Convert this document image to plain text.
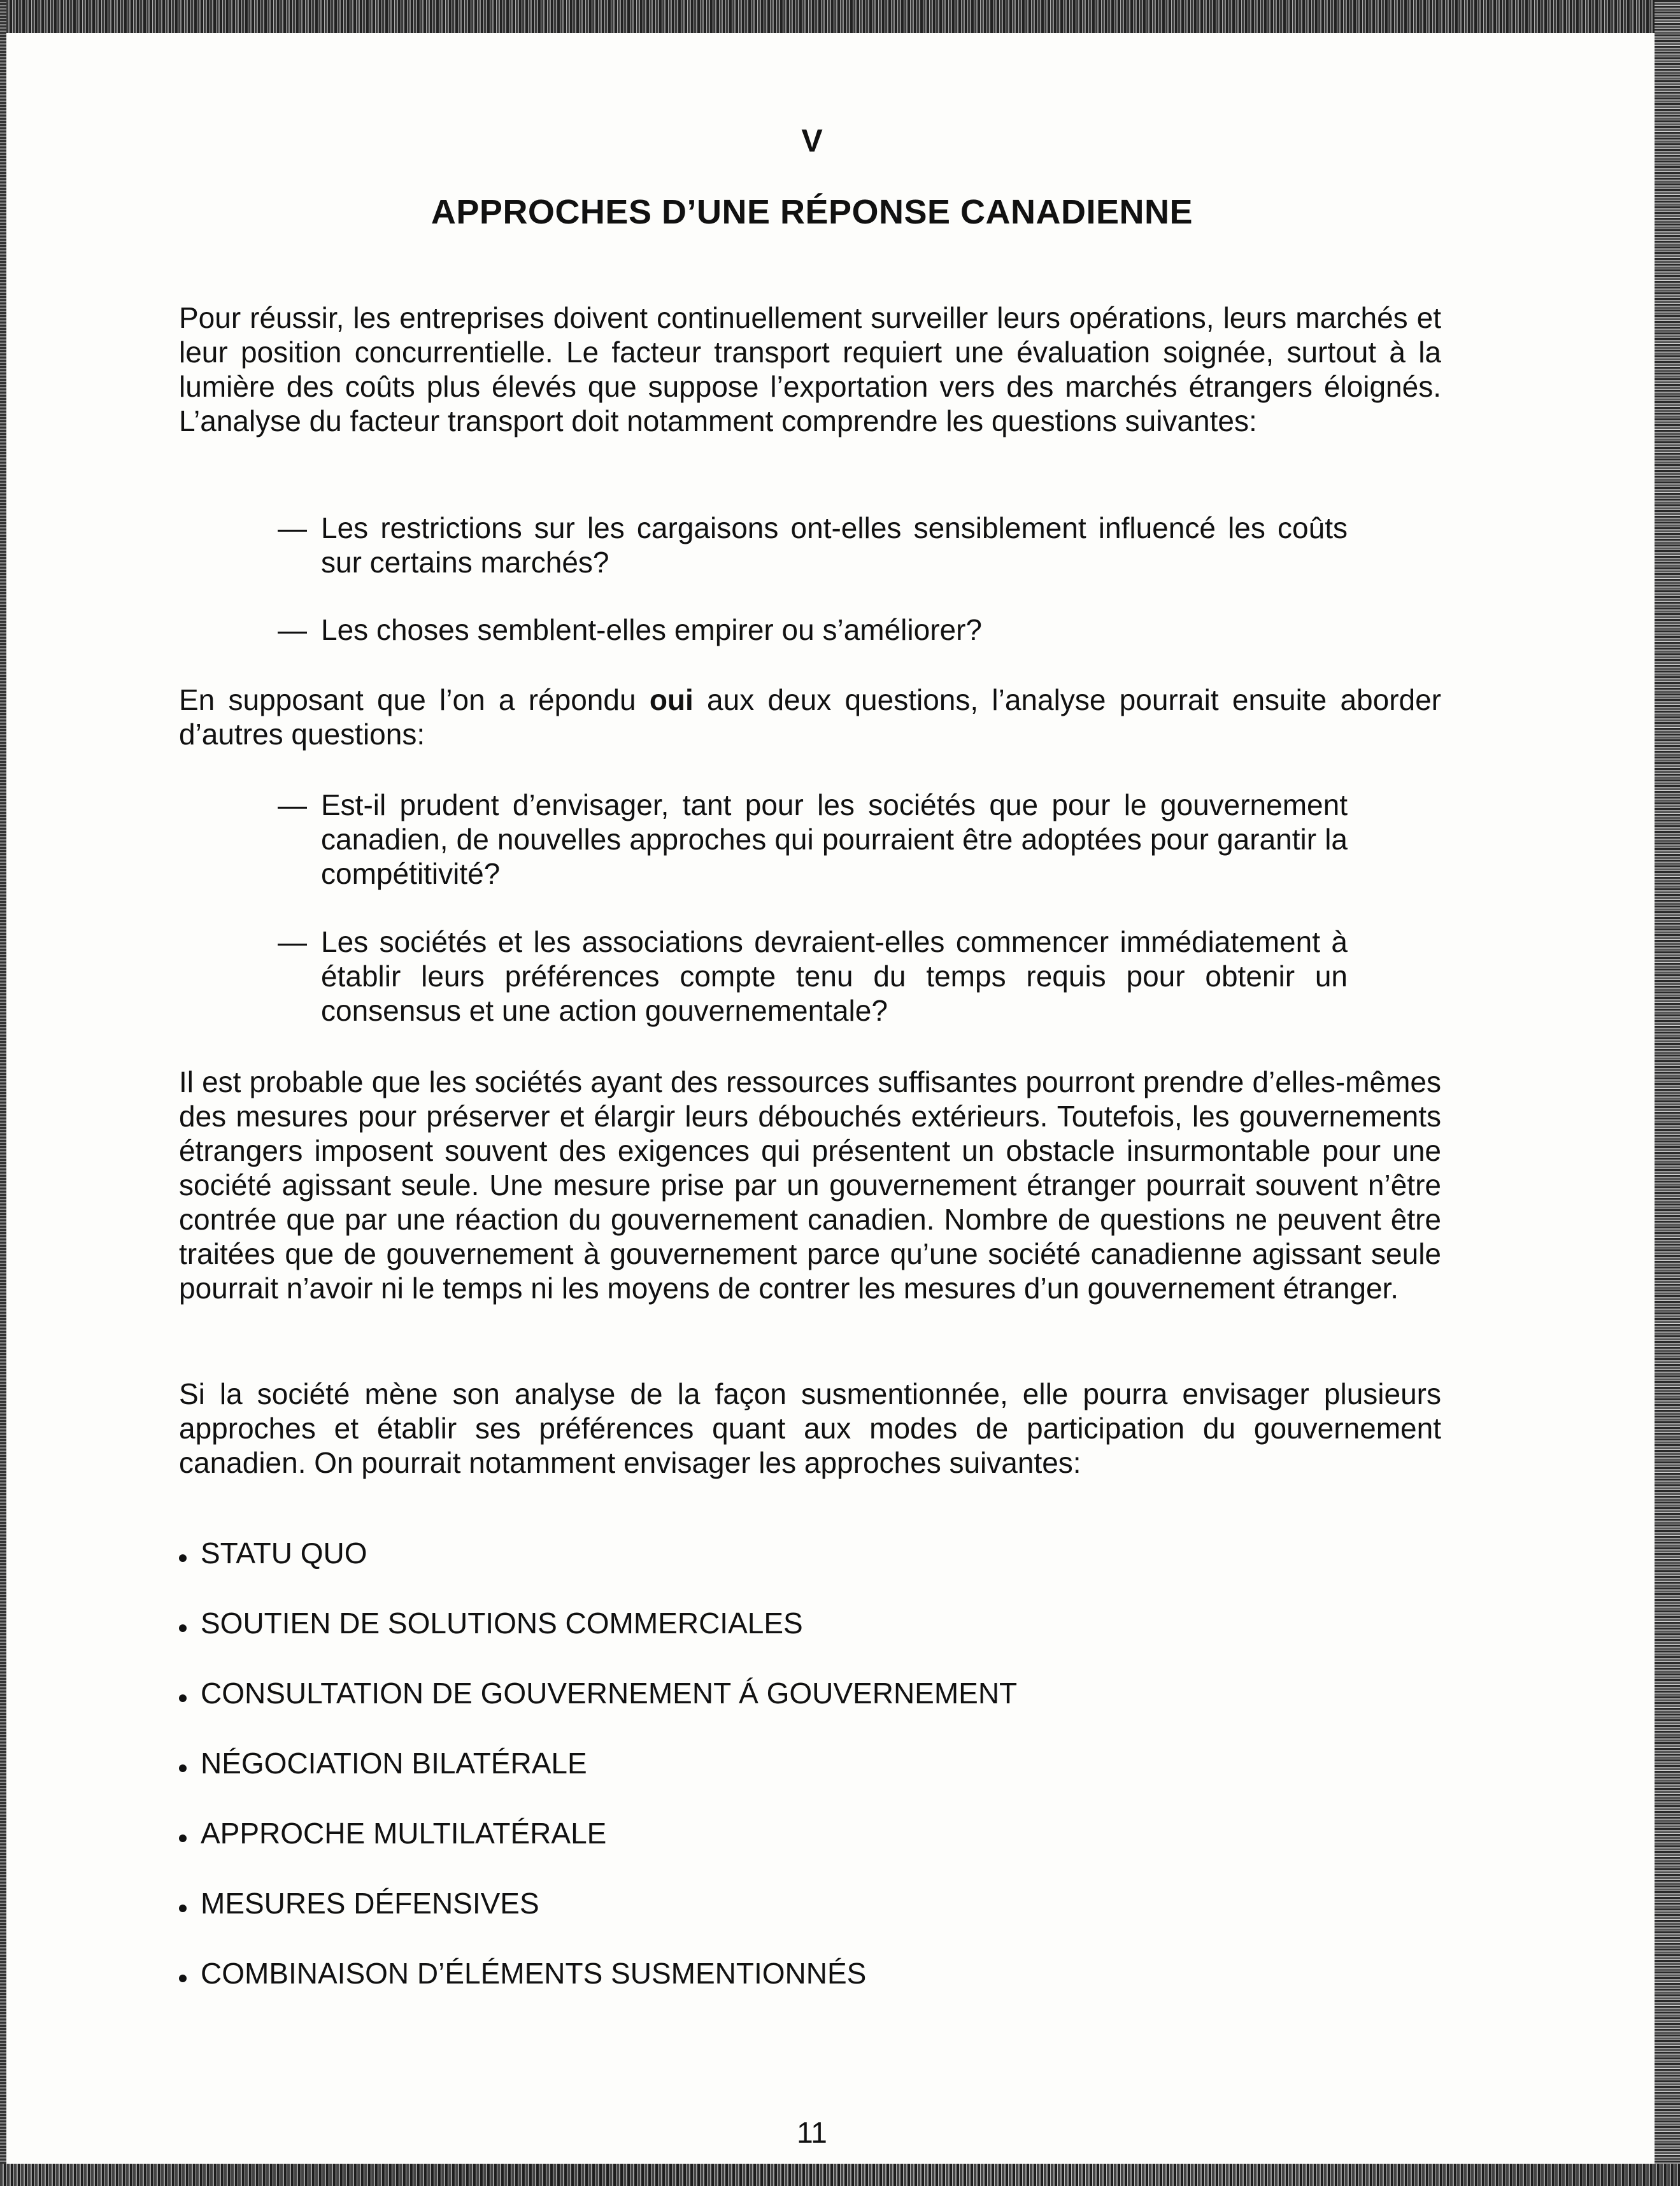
V
APPROCHES D’UNE RÉPONSE CANADIENNE

Pour réussir, les entreprises doivent continuellement surveiller leurs opérations, leurs marchés et leur position concurrentielle. Le facteur transport requiert une évaluation soignée, surtout à la lumière des coûts plus élevés que suppose l’exportation vers des marchés étrangers éloignés. L’analyse du facteur transport doit notamment comprendre les questions suivantes:

— Les restrictions sur les cargaisons ont-elles sensiblement influencé les coûts sur certains marchés?
— Les choses semblent-elles empirer ou s’améliorer?

En supposant que l’on a répondu oui aux deux questions, l’analyse pourrait ensuite aborder d’autres questions:

— Est-il prudent d’envisager, tant pour les sociétés que pour le gouvernement canadien, de nouvelles approches qui pourraient être adoptées pour garantir la compétitivité?
— Les sociétés et les associations devraient-elles commencer immédiatement à établir leurs préférences compte tenu du temps requis pour obtenir un consensus et une action gouvernementale?

Il est probable que les sociétés ayant des ressources suffisantes pourront prendre d’elles-mêmes des mesures pour préserver et élargir leurs débouchés extérieurs. Toutefois, les gouvernements étrangers imposent souvent des exigences qui présentent un obstacle insurmontable pour une société agissant seule. Une mesure prise par un gouvernement étranger pourrait souvent n’être contrée que par une réaction du gouvernement canadien. Nombre de questions ne peuvent être traitées que de gouvernement à gouvernement parce qu’une société canadienne agissant seule pourrait n’avoir ni le temps ni les moyens de contrer les mesures d’un gouvernement étranger.

Si la société mène son analyse de la façon susmentionnée, elle pourra envisager plusieurs approches et établir ses préférences quant aux modes de participation du gouvernement canadien. On pourrait notamment envisager les approches suivantes:

STATU QUO
SOUTIEN DE SOLUTIONS COMMERCIALES
CONSULTATION DE GOUVERNEMENT Á GOUVERNEMENT
NÉGOCIATION BILATÉRALE
APPROCHE MULTILATÉRALE
MESURES DÉFENSIVES
COMBINAISON D’ÉLÉMENTS SUSMENTIONNÉS
11
